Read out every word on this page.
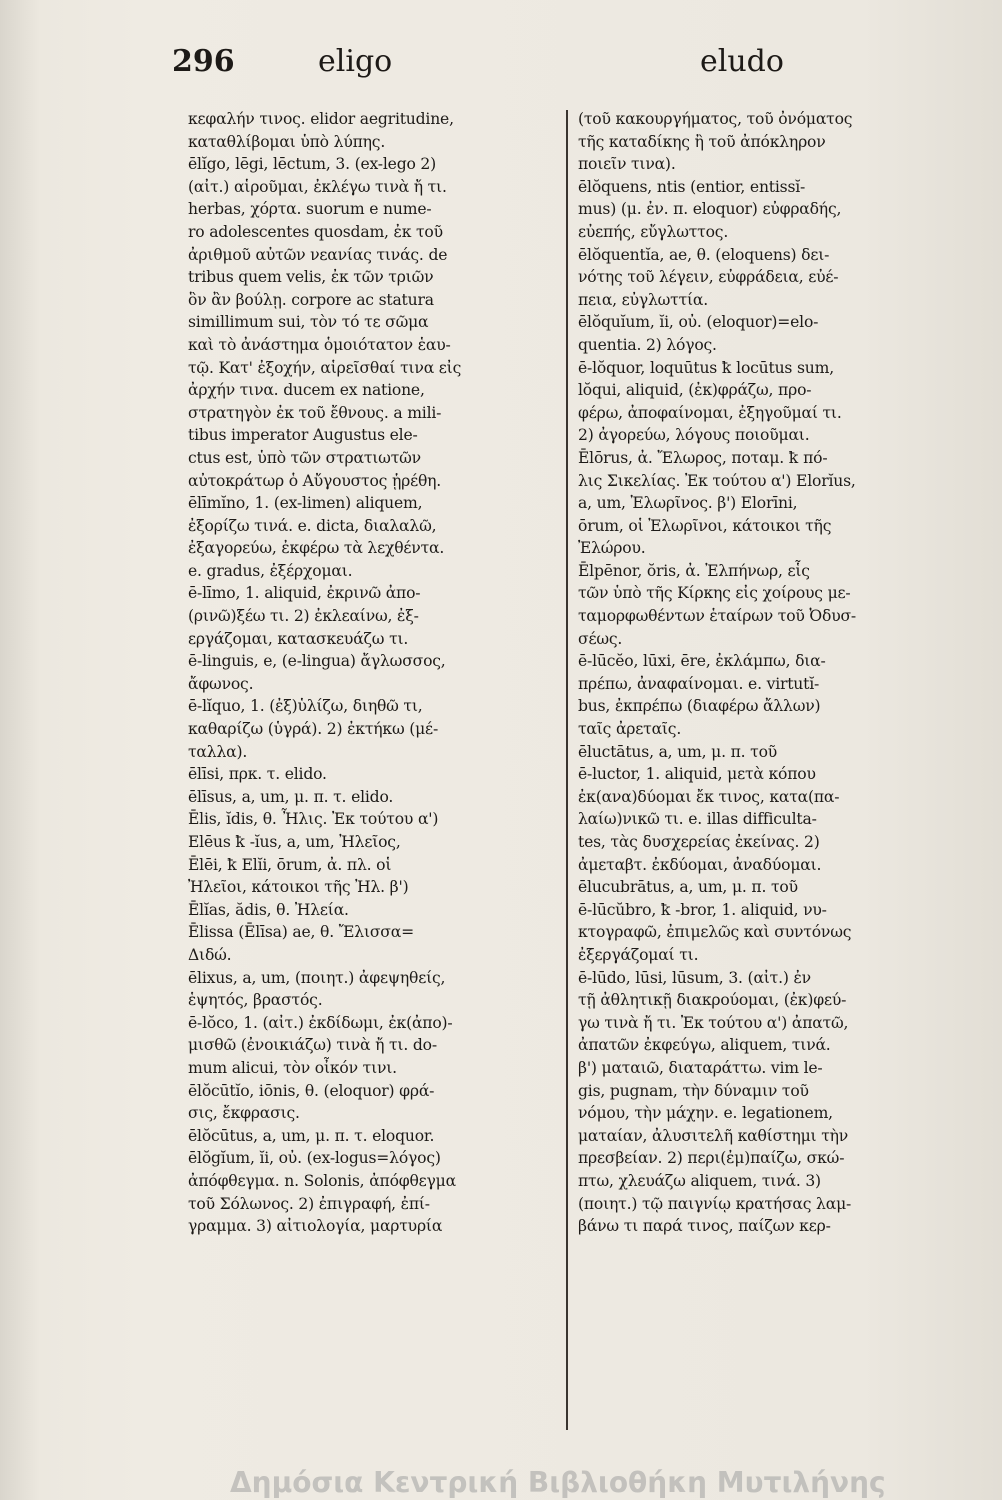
296	eligo	eludo
κεφαλήν τινος. elidor aegritudine,
καταθλίβομαι ὑπὸ λύπης.
ēlĭgo, lēgi, lēctum, 3. (ex-lego 2)
(αἰτ.) αἱροῦμαι, ἐκλέγω τινὰ ἤ τι.
herbas, χόρτα. suorum e nume-
ro adolescentes quosdam, ἐκ τοῦ
ἀριθμοῦ αὐτῶν νεανίας τινάς. de
tribus quem velis, ἐκ τῶν τριῶν
ὃν ἂν βούλῃ. corpore ac statura
simillimum sui, τὸν τό τε σῶμα
καὶ τὸ ἀνάστημα ὁμοιότατον ἑαυ-
τῷ. Κατ' ἐξοχήν, αἱρεῖσθαί τινα εἰς
ἀρχήν τινα. ducem ex natione,
στρατηγὸν ἐκ τοῦ ἔθνους. a mili-
tibus imperator Augustus ele-
ctus est, ὑπὸ τῶν στρατιωτῶν
αὐτοκράτωρ ὁ Αὔγουστος ᾑρέθη.
ēlīmĭno, 1. (ex-limen) aliquem,
ἐξορίζω τινά. e. dicta, διαλαλῶ,
ἐξαγορεύω, ἐκφέρω τὰ λεχθέντα.
e. gradus, ἐξέρχομαι.
ē-līmo, 1. aliquid, ἐκρινῶ ἀπο-
(ρινῶ)ξέω τι. 2) ἐκλεαίνω, ἐξ-
εργάζομαι, κατασκευάζω τι.
ē-linguis, e, (e-lingua) ἄγλωσσος,
ἄφωνος.
ē-lĭquo, 1. (ἐξ)ὑλίζω, διηθῶ τι,
καθαρίζω (ὑγρά). 2) ἐκτήκω (μέ-
ταλλα).
ēlīsi, πρκ. τ. elido.
ēlīsus, a, um, μ. π. τ. elido.
Ēlis, ĭdis, θ. Ἦλις. Ἐκ τούτου α')
Elēus ꝁ -ĭus, a, um, Ἠλεῖος,
Ēlēi, ꝁ Elĭi, ōrum, ἀ. πλ. οἱ
Ἠλεῖοι, κάτοικοι τῆς Ἠλ. β')
Ēlĭas, ădis, θ. Ἠλεία.
Ēlissa (Ēlīsa) ae, θ. Ἔλισσα=
Διδώ.
ēlixus, a, um, (ποιητ.) ἀφεψηθείς,
ἑψητός, βραστός.
ē-lŏco, 1. (αἰτ.) ἐκδίδωμι, ἐκ(ἀπο)-
μισθῶ (ἐνοικιάζω) τινὰ ἤ τι. do-
mum alicui, τὸν οἶκόν τινι.
ēlŏcūtĭo, iōnis, θ. (eloquor) φρά-
σις, ἔκφρασις.
ēlŏcūtus, a, um, μ. π. τ. eloquor.
ēlŏgĭum, ĭi, οὐ. (ex-logus=λόγος)
ἀπόφθεγμα. n. Solonis, ἀπόφθεγμα
τοῦ Σόλωνος. 2) ἐπιγραφή, ἐπί-
γραμμα. 3) αἰτιολογία, μαρτυρία
(τοῦ κακουργήματος, τοῦ ὀνόματος
τῆς καταδίκης ἢ τοῦ ἀπόκληρον
ποιεῖν τινα).
ēlŏquens, ntis (entior, entissĭ-
mus) (μ. ἐν. π. eloquor) εὐφραδής,
εὐεπής, εὔγλωττος.
ēlŏquentĭa, ae, θ. (eloquens) δει-
νότης τοῦ λέγειν, εὐφράδεια, εὐέ-
πεια, εὐγλωττία.
ēlŏquĭum, ĭi, οὐ. (eloquor)=elo-
quentia. 2) λόγος.
ē-lŏquor, loquūtus ꝁ locūtus sum,
lŏqui, aliquid, (ἐκ)φράζω, προ-
φέρω, ἀποφαίνομαι, ἐξηγοῦμαί τι.
2) ἀγορεύω, λόγους ποιοῦμαι.
Ēlōrus, ἀ. Ἔλωρος, ποταμ. ꝁ πό-
λις Σικελίας. Ἐκ τούτου α') Elorĭus,
a, um, Ἐλωρῖνος. β') Elorīni,
ōrum, οἱ Ἐλωρῖνοι, κάτοικοι τῆς
Ἐλώρου.
Ēlpēnor, ŏris, ἀ. Ἐλπήνωρ, εἷς
τῶν ὑπὸ τῆς Κίρκης εἰς χοίρους με-
ταμορφωθέντων ἑταίρων τοῦ Ὀδυσ-
σέως.
ē-lūcĕo, lūxi, ēre, ἐκλάμπω, δια-
πρέπω, ἀναφαίνομαι. e. virtutĭ-
bus, ἐκπρέπω (διαφέρω ἄλλων)
ταῖς ἀρεταῖς.
ēluctātus, a, um, μ. π. τοῦ
ē-luctor, 1. aliquid, μετὰ κόπου
ἐκ(ανα)δύομαι ἔκ τινος, κατα(πα-
λαίω)νικῶ τι. e. illas difficulta-
tes, τὰς δυσχερείας ἐκείνας. 2)
ἀμεταβτ. ἐκδύομαι, ἀναδύομαι.
ēlucubrātus, a, um, μ. π. τοῦ
ē-lūcŭbro, ꝁ -bror, 1. aliquid, νυ-
κτογραφῶ, ἐπιμελῶς καὶ συντόνως
ἐξεργάζομαί τι.
ē-lūdo, lūsi, lūsum, 3. (αἰτ.) ἐν
τῇ ἀθλητικῇ διακρούομαι, (ἐκ)φεύ-
γω τινὰ ἤ τι. Ἐκ τούτου α') ἀπατῶ,
ἀπατῶν ἐκφεύγω, aliquem, τινά.
β') ματαιῶ, διαταράττω. vim le-
gis, pugnam, τὴν δύναμιν τοῦ
νόμου, τὴν μάχην. e. legationem,
ματαίαν, ἀλυσιτελῆ καθίστημι τὴν
πρεσβείαν. 2) περι(ἐμ)παίζω, σκώ-
πτω, χλευάζω aliquem, τινά. 3)
(ποιητ.) τῷ παιγνίῳ κρατήσας λαμ-
βάνω τι παρά τινος, παίζων κερ-
Δημόσια Κεντρική Βιβλιοθήκη Μυτιλήνης
